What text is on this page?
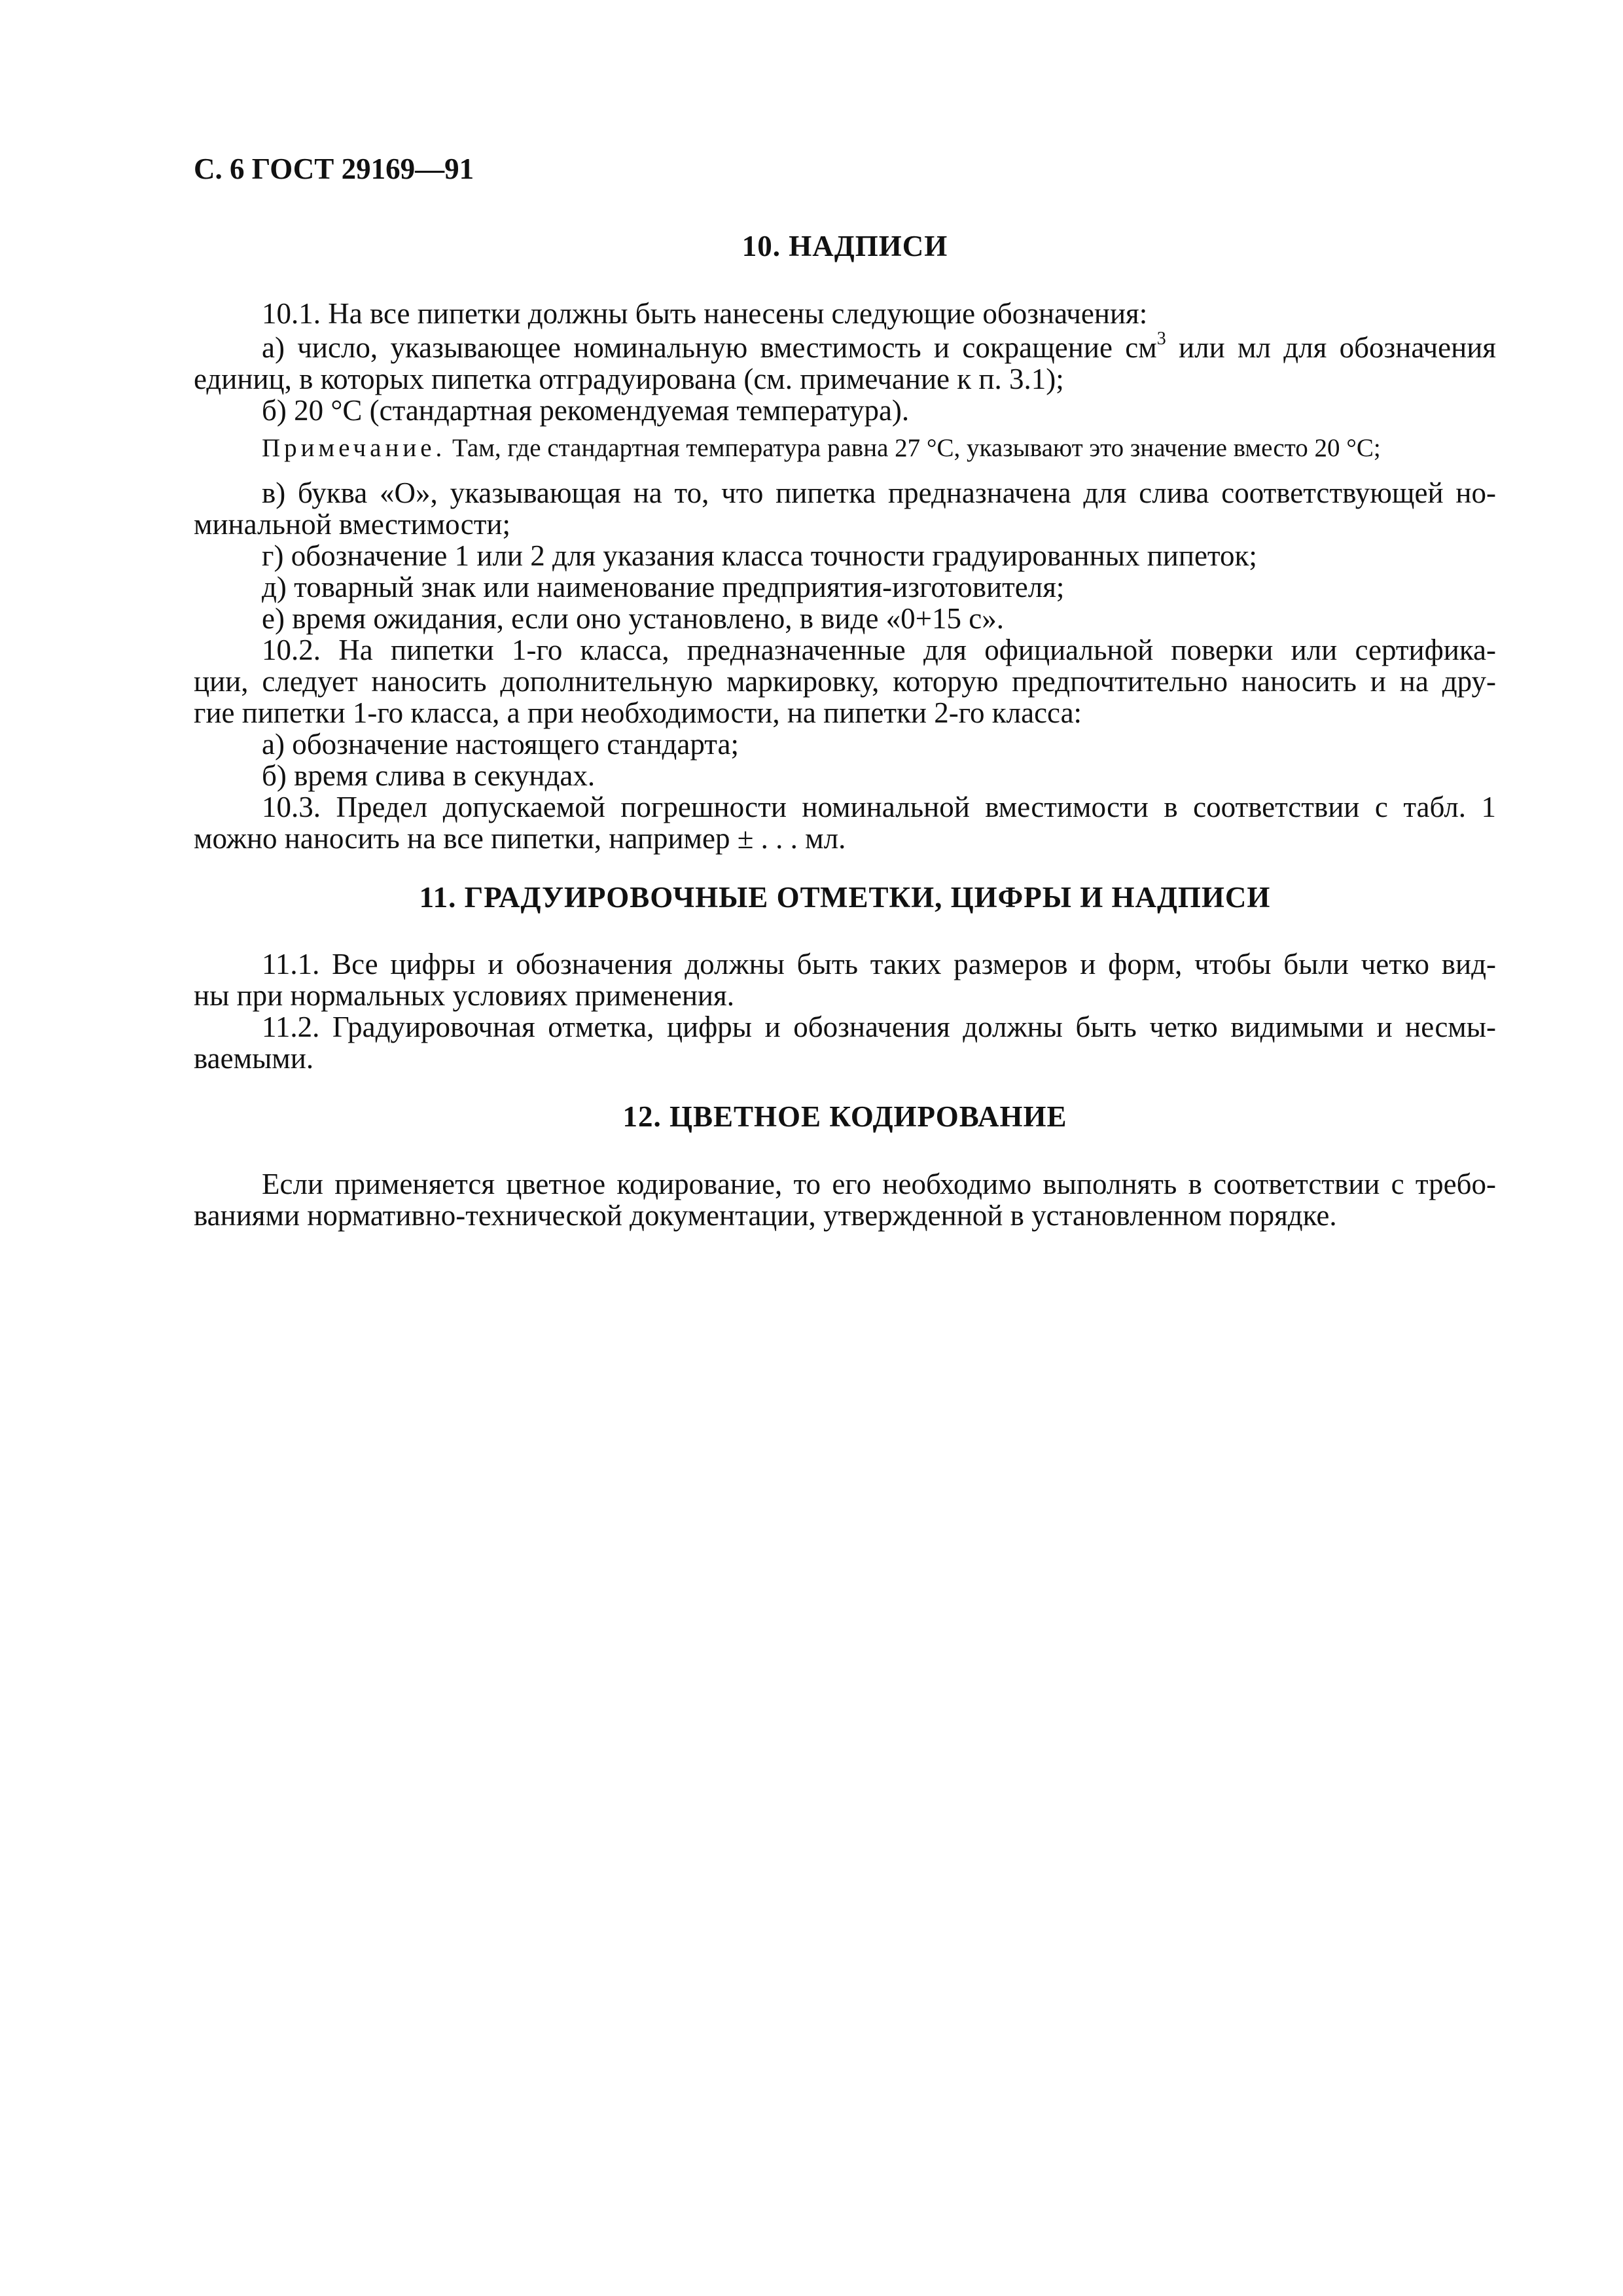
С. 6 ГОСТ 29169—91
10. НАДПИСИ
10.1. На все пипетки должны быть нанесены следующие обозначения:
а) число, указывающее номинальную вместимость и сокращение $см^3$ или мл для обозначения
единиц, в которых пипетка отградуирована (см. примечание к п. 3.1);
б) 20 °C (стандартная рекомендуемая температура).
Примечание. Там, где стандартная температура равна 27 °C, указывают это значение вместо 20 °C;
в) буква «О», указывающая на то, что пипетка предназначена для слива соответствующей но-
минальной вместимости;
г) обозначение 1 или 2 для указания класса точности градуированных пипеток;
д) товарный знак или наименование предприятия-изготовителя;
е) время ожидания, если оно установлено, в виде «0+15 с».
10.2. На пипетки 1-го класса, предназначенные для официальной поверки или сертифика-
ции, следует наносить дополнительную маркировку, которую предпочтительно наносить и на дру-
гие пипетки 1-го класса, а при необходимости, на пипетки 2-го класса:
а) обозначение настоящего стандарта;
б) время слива в секундах.
10.3. Предел допускаемой погрешности номинальной вместимости в соответствии с табл. 1
можно наносить на все пипетки, например ± . . . мл.
11. ГРАДУИРОВОЧНЫЕ ОТМЕТКИ, ЦИФРЫ И НАДПИСИ
11.1. Все цифры и обозначения должны быть таких размеров и форм, чтобы были четко вид-
ны при нормальных условиях применения.
11.2. Градуировочная отметка, цифры и обозначения должны быть четко видимыми и несмы-
ваемыми.
12. ЦВЕТНОЕ КОДИРОВАНИЕ
Если применяется цветное кодирование, то его необходимо выполнять в соответствии с требо-
ваниями нормативно-технической документации, утвержденной в установленном порядке.
